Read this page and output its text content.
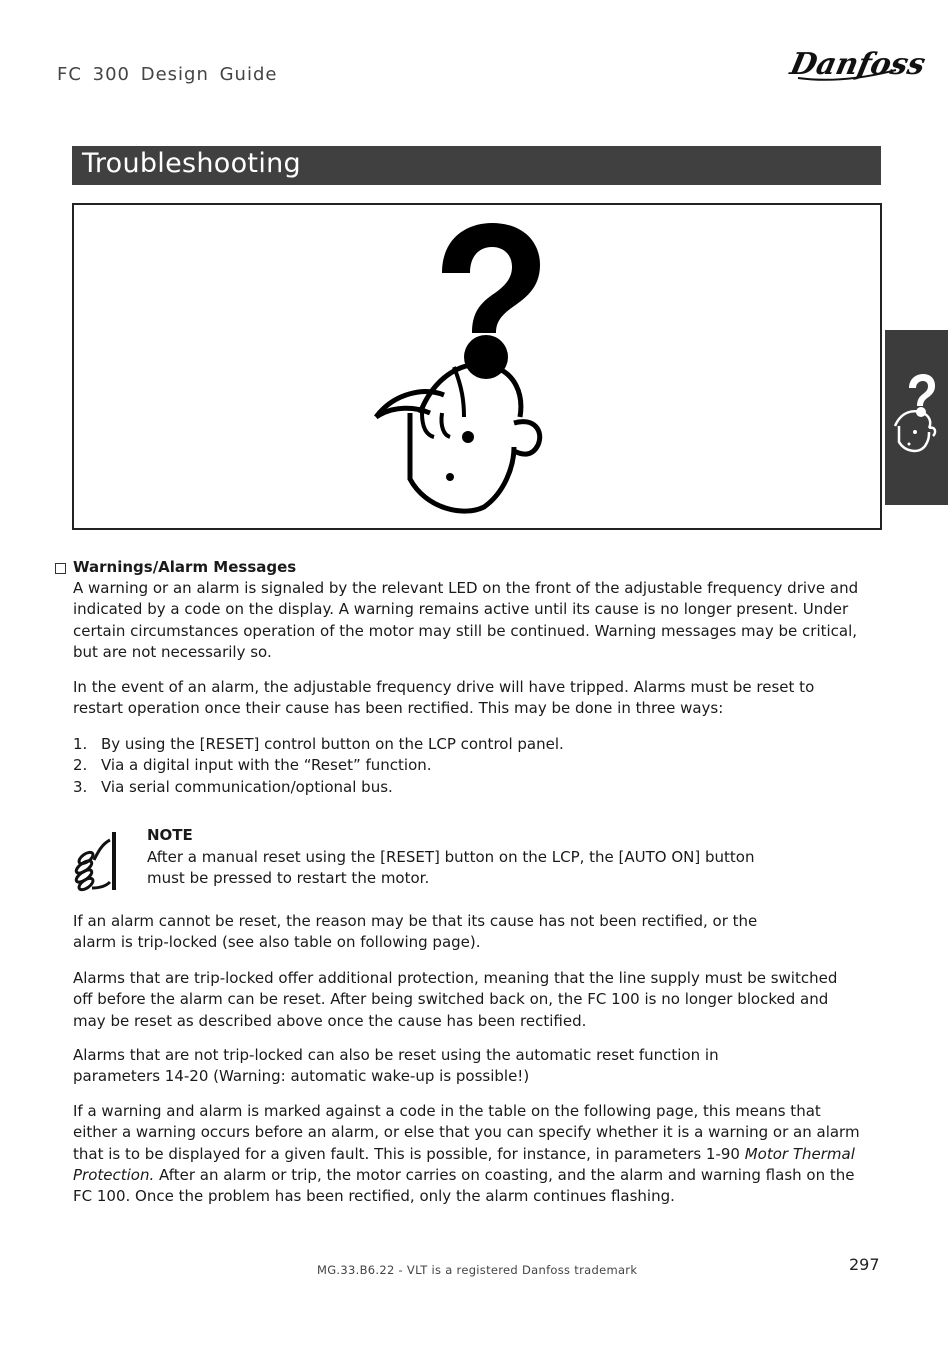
FC 300 Design Guide	Danfoss
Troubleshooting
Warnings/Alarm Messages

A warning or an alarm is signaled by the relevant LED on the front of the adjustable frequency drive and indicated by a code on the display. A warning remains active until its cause is no longer present. Under certain circumstances operation of the motor may still be continued. Warning messages may be critical, but are not necessarily so.

In the event of an alarm, the adjustable frequency drive will have tripped. Alarms must be reset to restart operation once their cause has been rectified. This may be done in three ways:

1. By using the [RESET] control button on the LCP control panel.
2. Via a digital input with the “Reset” function.
3. Via serial communication/optional bus.
NOTE

After a manual reset using the [RESET] button on the LCP, the [AUTO ON] button must be pressed to restart the motor.

If an alarm cannot be reset, the reason may be that its cause has not been rectified, or the alarm is trip-locked (see also table on following page).

Alarms that are trip-locked offer additional protection, meaning that the line supply must be switched off before the alarm can be reset. After being switched back on, the FC 100 is no longer blocked and may be reset as described above once the cause has been rectified.

Alarms that are not trip-locked can also be reset using the automatic reset function in parameters 14-20 (Warning: automatic wake-up is possible!)

If a warning and alarm is marked against a code in the table on the following page, this means that either a warning occurs before an alarm, or else that you can specify whether it is a warning or an alarm that is to be displayed for a given fault. This is possible, for instance, in parameters 1-90 Motor Thermal Protection. After an alarm or trip, the motor carries on coasting, and the alarm and warning flash on the FC 100. Once the problem has been rectified, only the alarm continues flashing.

MG.33.B6.22 - VLT is a registered Danfoss trademark	297
